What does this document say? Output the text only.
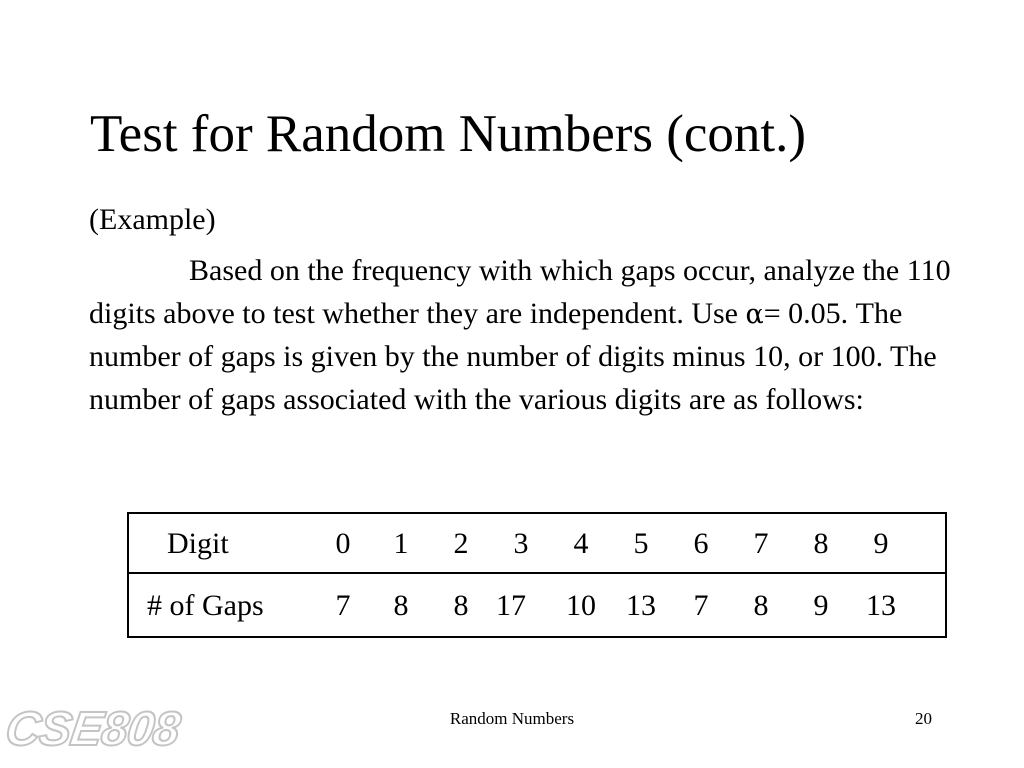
Test for Random Numbers (cont.)
(Example)

Based on the frequency with which gaps occur, analyze the 110 digits above to test whether they are independent. Use α= 0.05. The number of gaps is given by the number of digits minus 10, or 100. The number of gaps associated with the various digits are as follows:

Digit	0 1 2 3 4 5 6 7 8 9
# of Gaps 7 8 8 17 10 13 7 8 9 13
CSE808	Random Numbers	20
